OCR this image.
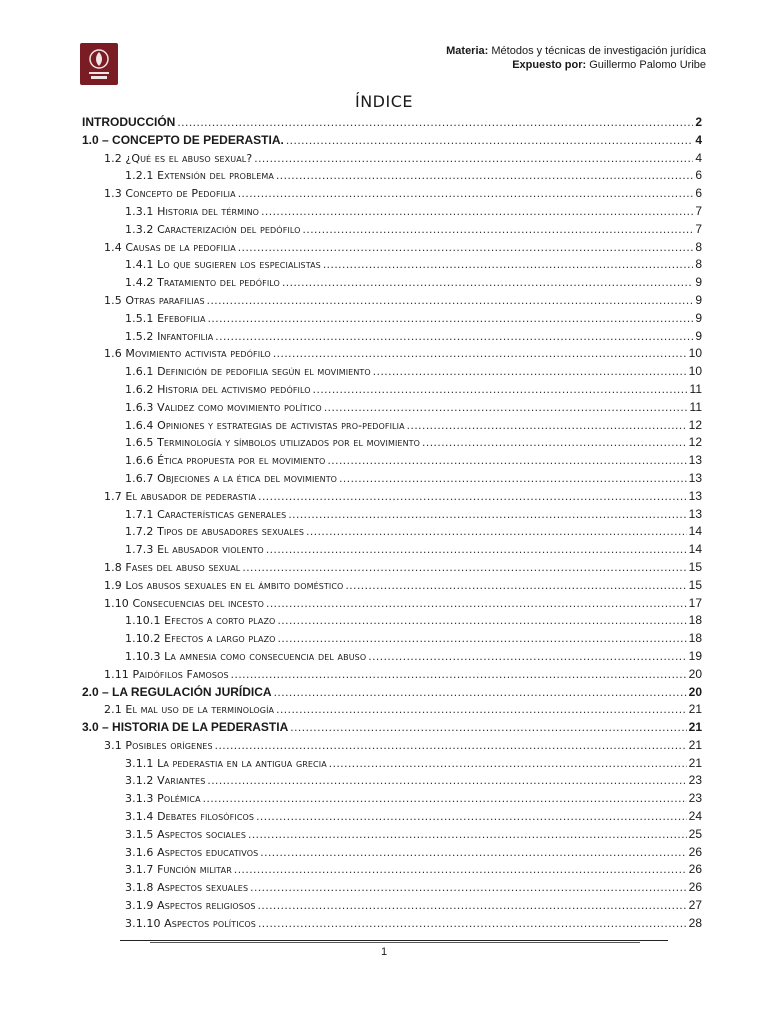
Materia: Métodos y técnicas de investigación jurídica
Expuesto por: Guillermo Palomo Uribe
ÍNDICE
INTRODUCCIÓN .....	2
1.0 – CONCEPTO DE PEDERASTIA. .....	4
1.2 ¿Qué es el abuso sexual? .....	4
1.2.1 Extensión del problema .....	6
1.3 Concepto de Pedofilia .....	6
1.3.1 Historia del término .....	7
1.3.2 Caracterización del pedófilo .....	7
1.4 Causas de la pedofilia .....	8
1.4.1 Lo que sugieren los especialistas .....	8
1.4.2 Tratamiento del pedófilo .....	9
1.5 Otras parafilias .....	9
1.5.1 Efebofilia .....	9
1.5.2 Infantofilia .....	9
1.6 Movimiento activista pedófilo .....	10
1.6.1 Definición de pedofilia según el movimiento .....	10
1.6.2 Historia del activismo pedófilo .....	11
1.6.3 Validez como movimiento político .....	11
1.6.4 Opiniones y estrategias de activistas pro-pedofilia .....	12
1.6.5 Terminología y símbolos utilizados por el movimiento .....	12
1.6.6 Ética propuesta por el movimiento .....	13
1.6.7 Objeciones a la ética del movimiento .....	13
1.7 El abusador de pederastia .....	13
1.7.1 Características generales .....	13
1.7.2 Tipos de abusadores sexuales .....	14
1.7.3 El abusador violento .....	14
1.8 Fases del abuso sexual .....	15
1.9 Los abusos sexuales en el ámbito doméstico .....	15
1.10 Consecuencias del incesto .....	17
1.10.1 Efectos a corto plazo .....	18
1.10.2 Efectos a largo plazo .....	18
1.10.3 La amnesia como consecuencia del abuso .....	19
1.11 Paidófilos Famosos .....	20
2.0 – LA REGULACIÓN JURÍDICA .....	20
2.1 El mal uso de la terminología .....	21
3.0 – HISTORIA DE LA PEDERASTIA .....	21
3.1 Posibles orígenes .....	21
3.1.1 La pederastia en la antigua grecia .....	21
3.1.2 Variantes .....	23
3.1.3 Polémica .....	23
3.1.4 Debates filosóficos .....	24
3.1.5 Aspectos sociales .....	25
3.1.6 Aspectos educativos .....	26
3.1.7 Función militar .....	26
3.1.8 Aspectos sexuales .....	26
3.1.9 Aspectos religiosos .....	27
3.1.10 Aspectos políticos .....	28
1
